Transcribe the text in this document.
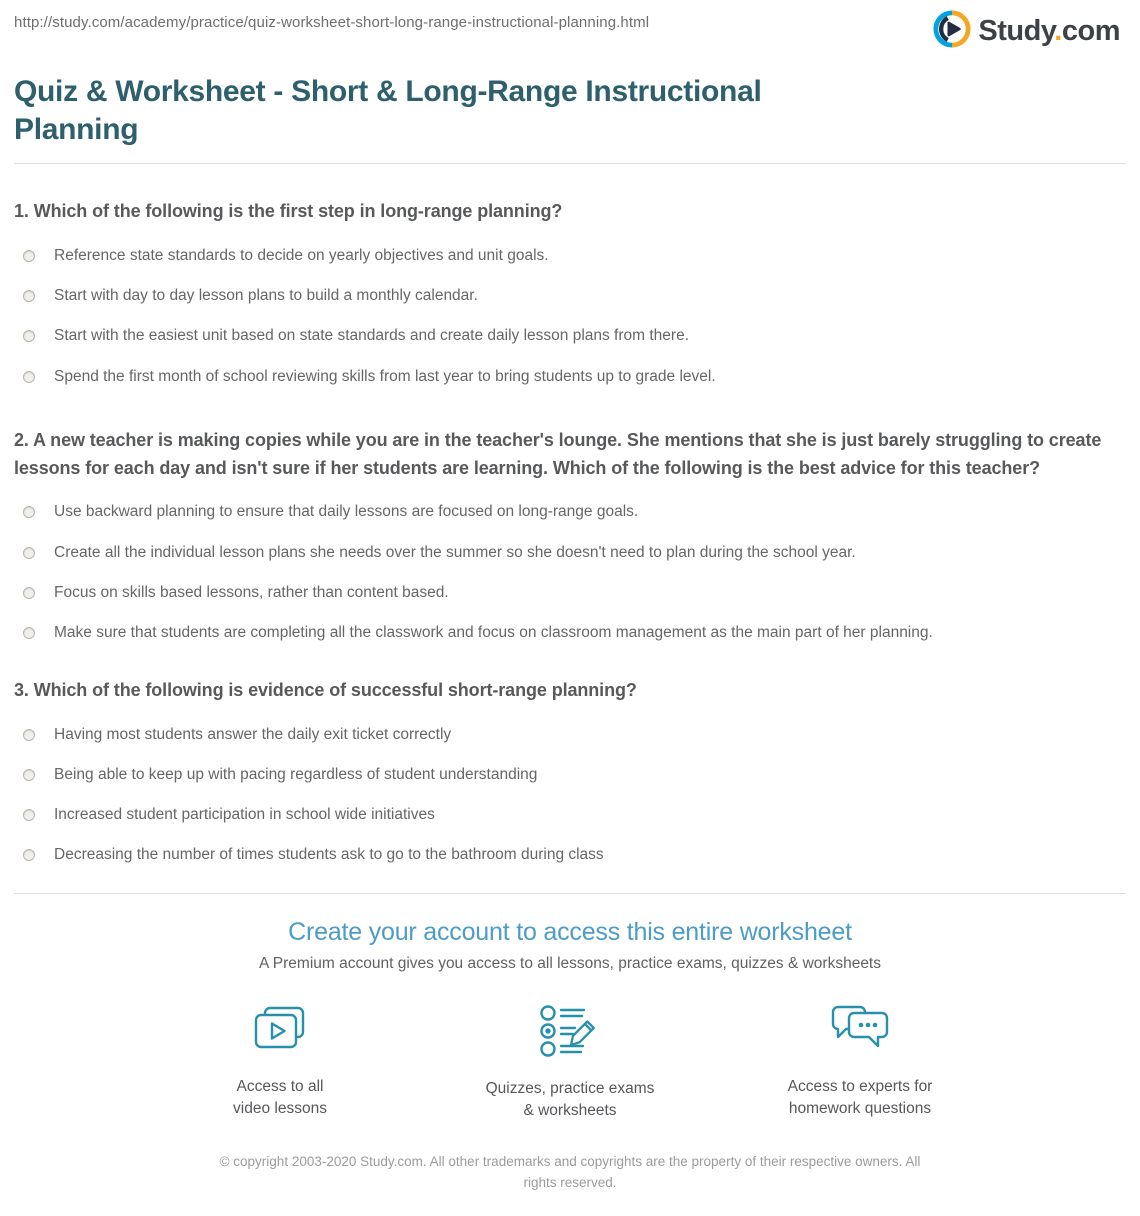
http://study.com/academy/practice/quiz-worksheet-short-long-range-instructional-planning.html	Study.com
Quiz & Worksheet - Short & Long-Range Instructional Planning
1. Which of the following is the first step in long-range planning?
Reference state standards to decide on yearly objectives and unit goals.
Start with day to day lesson plans to build a monthly calendar.
Start with the easiest unit based on state standards and create daily lesson plans from there.
Spend the first month of school reviewing skills from last year to bring students up to grade level.
2. A new teacher is making copies while you are in the teacher's lounge. She mentions that she is just barely struggling to create lessons for each day and isn't sure if her students are learning. Which of the following is the best advice for this teacher?
Use backward planning to ensure that daily lessons are focused on long-range goals.
Create all the individual lesson plans she needs over the summer so she doesn't need to plan during the school year.
Focus on skills based lessons, rather than content based.
Make sure that students are completing all the classwork and focus on classroom management as the main part of her planning.
3. Which of the following is evidence of successful short-range planning?
Having most students answer the daily exit ticket correctly
Being able to keep up with pacing regardless of student understanding
Increased student participation in school wide initiatives
Decreasing the number of times students ask to go to the bathroom during class
Create your account to access this entire worksheet
A Premium account gives you access to all lessons, practice exams, quizzes & worksheets
Access to all
video lessons
Quizzes, practice exams
& worksheets
Access to experts for
homework questions
© copyright 2003-2020 Study.com. All other trademarks and copyrights are the property of their respective owners. All rights reserved.
